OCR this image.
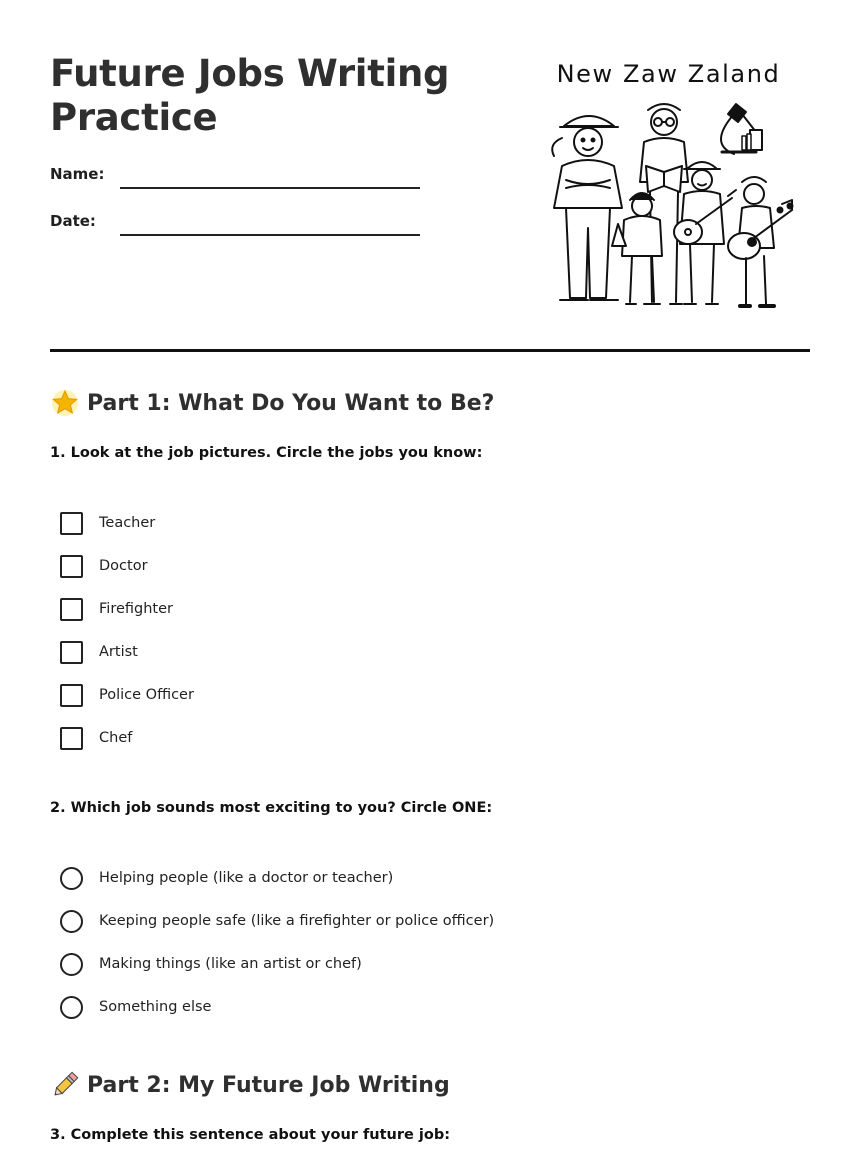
Future Jobs Writing Practice
Name:
Date:
New Zaw Zaland
Part 1: What Do You Want to Be?

1. Look at the job pictures. Circle the jobs you know:

Teacher
Doctor
Firefighter
Artist
Police Officer
Chef

2. Which job sounds most exciting to you? Circle ONE:

Helping people (like a doctor or teacher)
Keeping people safe (like a firefighter or police officer)
Making things (like an artist or chef)
Something else
Part 2: My Future Job Writing

3. Complete this sentence about your future job:
